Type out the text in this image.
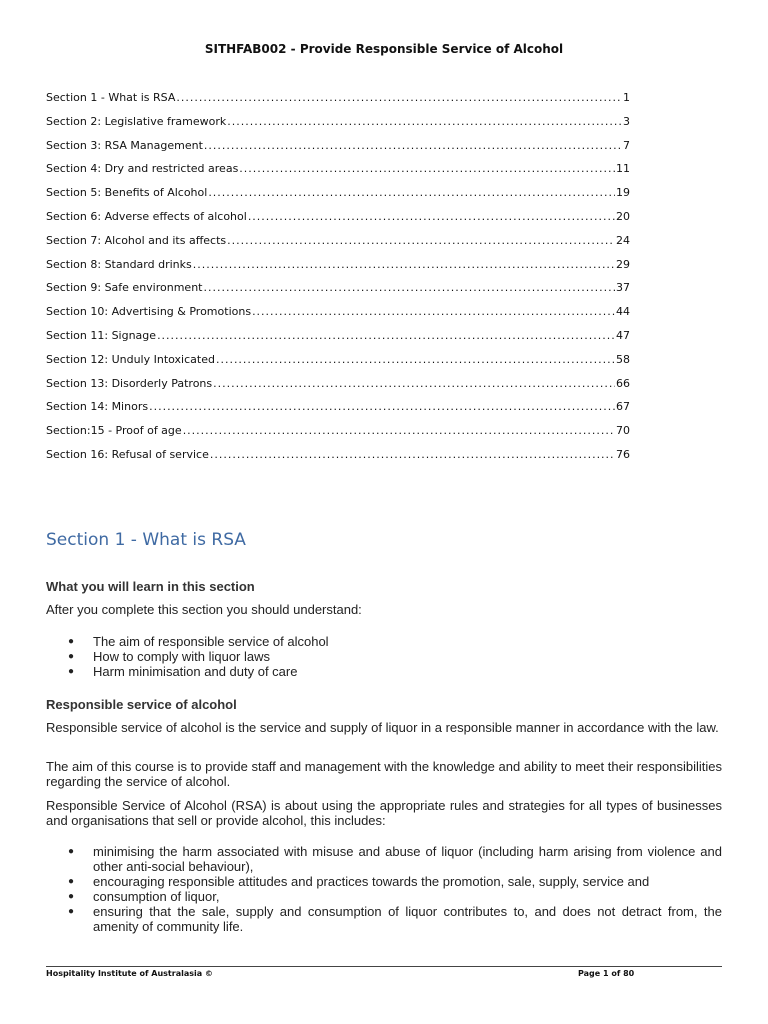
SITHFAB002 - Provide Responsible Service of Alcohol
Section 1 - What is RSA .....	1
Section 2: Legislative framework .....	3
Section 3: RSA Management .....	7
Section 4: Dry and restricted areas .....	11
Section 5: Benefits of Alcohol .....	19
Section 6: Adverse effects of alcohol .....	20
Section 7: Alcohol and its affects .....	24
Section 8: Standard drinks .....	29
Section 9: Safe environment .....	37
Section 10: Advertising & Promotions .....	44
Section 11: Signage .....	47
Section 12: Unduly Intoxicated .....	58
Section 13: Disorderly Patrons .....	66
Section 14: Minors .....	67
Section:15 - Proof of age .....	70
Section 16: Refusal of service .....	76
Section 1 - What is RSA
What you will learn in this section
After you complete this section you should understand:
● The aim of responsible service of alcohol
● How to comply with liquor laws
● Harm minimisation and duty of care
Responsible service of alcohol
Responsible service of alcohol is the service and supply of liquor in a responsible manner in accordance with the law.
The aim of this course is to provide staff and management with the knowledge and ability to meet their responsibilities regarding the service of alcohol.
Responsible Service of Alcohol (RSA) is about using the appropriate rules and strategies for all types of businesses and organisations that sell or provide alcohol, this includes:
● minimising the harm associated with misuse and abuse of liquor (including harm arising from violence and other anti-social behaviour),
● encouraging responsible attitudes and practices towards the promotion, sale, supply, service and
● consumption of liquor,
● ensuring that the sale, supply and consumption of liquor contributes to, and does not detract from, the amenity of community life.
Hospitality Institute of Australasia ©	Page 1 of 80
